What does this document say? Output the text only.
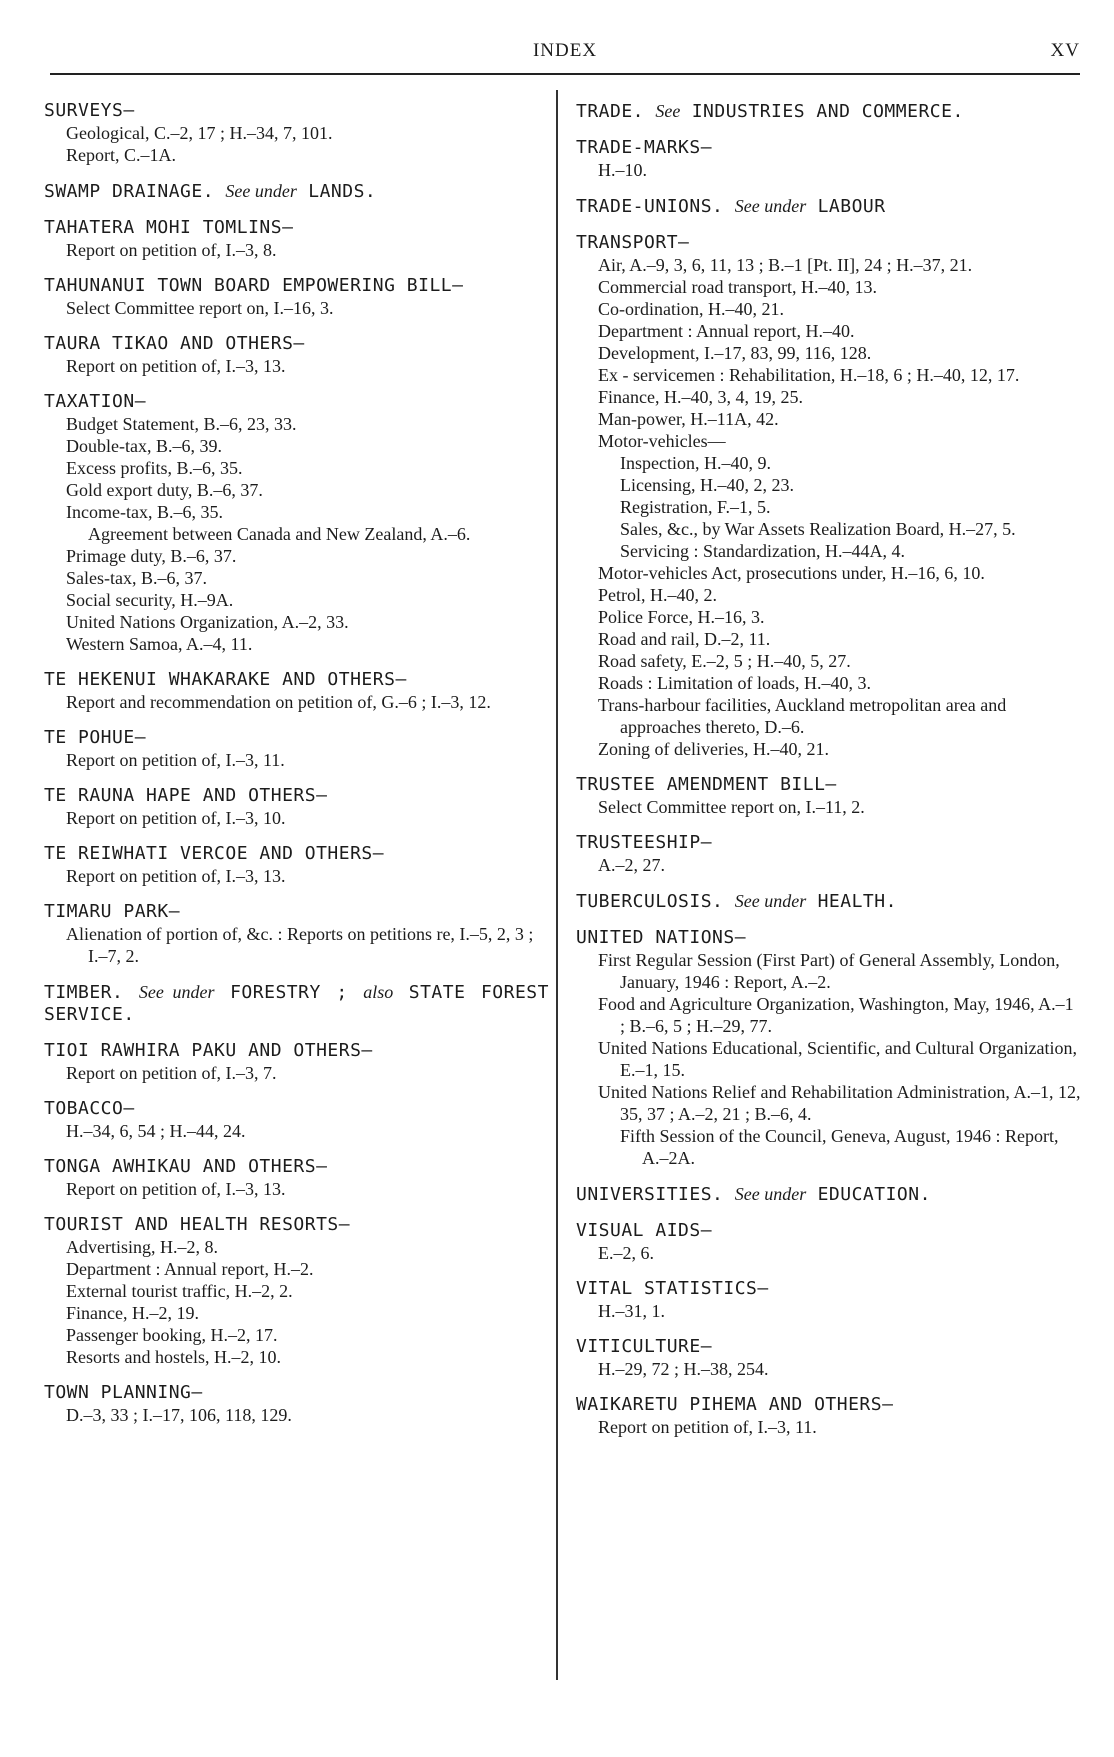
INDEX	XV
SURVEYS—
Geological, C.–2, 17 ; H.–34, 7, 101.
Report, C.–1A.
SWAMP DRAINAGE. See under LANDS.
TAHATERA MOHI TOMLINS—
Report on petition of, I.–3, 8.
TAHUNANUI TOWN BOARD EMPOWERING BILL—
Select Committee report on, I.–16, 3.
TAURA TIKAO AND OTHERS—
Report on petition of, I.–3, 13.
TAXATION—
Budget Statement, B.–6, 23, 33.
Double-tax, B.–6, 39.
Excess profits, B.–6, 35.
Gold export duty, B.–6, 37.
Income-tax, B.–6, 35.
Agreement between Canada and New Zealand, A.–6.
Primage duty, B.–6, 37.
Sales-tax, B.–6, 37.
Social security, H.–9A.
United Nations Organization, A.–2, 33.
Western Samoa, A.–4, 11.
TE HEKENUI WHAKARAKE AND OTHERS—
Report and recommendation on petition of, G.–6 ; I.–3, 12.
TE POHUE—
Report on petition of, I.–3, 11.
TE RAUNA HAPE AND OTHERS—
Report on petition of, I.–3, 10.
TE REIWHATI VERCOE AND OTHERS—
Report on petition of, I.–3, 13.
TIMARU PARK—
Alienation of portion of, &c. : Reports on petitions re, I.–5, 2, 3 ; I.–7, 2.
TIMBER. See under FORESTRY ; also STATE FOREST SERVICE.
TIOI RAWHIRA PAKU AND OTHERS—
Report on petition of, I.–3, 7.
TOBACCO—
H.–34, 6, 54 ; H.–44, 24.
TONGA AWHIKAU AND OTHERS—
Report on petition of, I.–3, 13.
TOURIST AND HEALTH RESORTS—
Advertising, H.–2, 8.
Department : Annual report, H.–2.
External tourist traffic, H.–2, 2.
Finance, H.–2, 19.
Passenger booking, H.–2, 17.
Resorts and hostels, H.–2, 10.
TOWN PLANNING—
D.–3, 33 ; I.–17, 106, 118, 129.
TRADE. See INDUSTRIES AND COMMERCE.
TRADE-MARKS—
H.–10.
TRADE-UNIONS. See under LABOUR
TRANSPORT—
Air, A.–9, 3, 6, 11, 13 ; B.–1 [Pt. II], 24 ; H.–37, 21.
Commercial road transport, H.–40, 13.
Co-ordination, H.–40, 21.
Department : Annual report, H.–40.
Development, I.–17, 83, 99, 116, 128.
Ex - servicemen : Rehabilitation, H.–18, 6 ; H.–40, 12, 17.
Finance, H.–40, 3, 4, 19, 25.
Man-power, H.–11A, 42.
Motor-vehicles—
Inspection, H.–40, 9.
Licensing, H.–40, 2, 23.
Registration, F.–1, 5.
Sales, &c., by War Assets Realization Board, H.–27, 5.
Servicing : Standardization, H.–44A, 4.
Motor-vehicles Act, prosecutions under, H.–16, 6, 10.
Petrol, H.–40, 2.
Police Force, H.–16, 3.
Road and rail, D.–2, 11.
Road safety, E.–2, 5 ; H.–40, 5, 27.
Roads : Limitation of loads, H.–40, 3.
Trans-harbour facilities, Auckland metropolitan area and approaches thereto, D.–6.
Zoning of deliveries, H.–40, 21.
TRUSTEE AMENDMENT BILL—
Select Committee report on, I.–11, 2.
TRUSTEESHIP—
A.–2, 27.
TUBERCULOSIS. See under HEALTH.
UNITED NATIONS—
First Regular Session (First Part) of General Assembly, London, January, 1946 : Report, A.–2.
Food and Agriculture Organization, Washington, May, 1946, A.–1 ; B.–6, 5 ; H.–29, 77.
United Nations Educational, Scientific, and Cultural Organization, E.–1, 15.
United Nations Relief and Rehabilitation Administration, A.–1, 12, 35, 37 ; A.–2, 21 ; B.–6, 4.
Fifth Session of the Council, Geneva, August, 1946 : Report, A.–2A.
UNIVERSITIES. See under EDUCATION.
VISUAL AIDS—
E.–2, 6.
VITAL STATISTICS—
H.–31, 1.
VITICULTURE—
H.–29, 72 ; H.–38, 254.
WAIKARETU PIHEMA AND OTHERS—
Report on petition of, I.–3, 11.
